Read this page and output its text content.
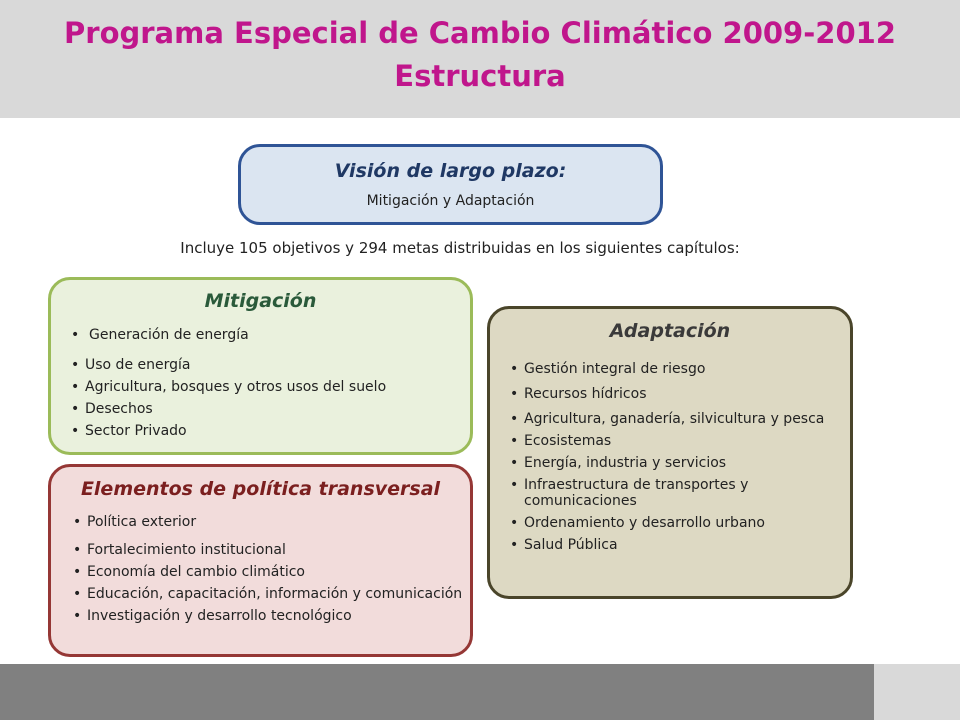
Programa Especial de Cambio Climático 2009-2012
Estructura
Visión de largo plazo:
Mitigación y Adaptación
Incluye 105 objetivos y 294 metas distribuidas en los siguientes capítulos:
Mitigación
• Generación de energía
• Uso de energía
• Agricultura, bosques y otros usos del suelo
• Desechos
• Sector Privado
Elementos de política transversal
• Política exterior
• Fortalecimiento institucional
• Economía del cambio climático
• Educación, capacitación, información y comunicación
• Investigación y desarrollo tecnológico
Adaptación
• Gestión integral de riesgo
• Recursos hídricos
• Agricultura, ganadería, silvicultura y pesca
• Ecosistemas
• Energía, industria y servicios
• Infraestructura de transportes y comunicaciones
• Ordenamiento y desarrollo urbano
• Salud Pública
